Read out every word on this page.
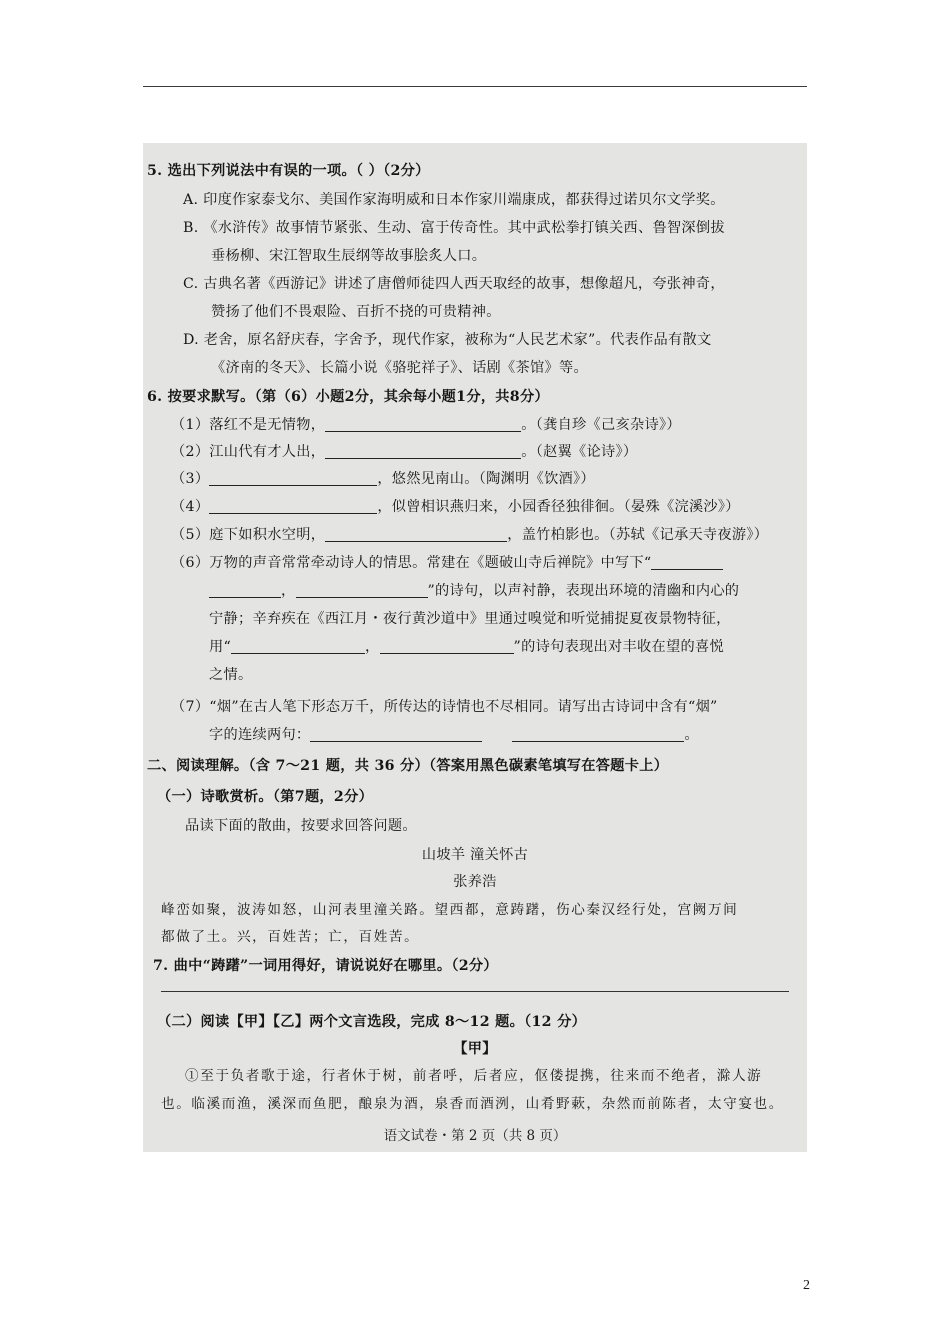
5. 选出下列说法中有误的一项。（ ）（2分）
A. 印度作家泰戈尔、美国作家海明威和日本作家川端康成，都获得过诺贝尔文学奖。
B. 《水浒传》故事情节紧张、生动、富于传奇性。其中武松拳打镇关西、鲁智深倒拔
垂杨柳、宋江智取生辰纲等故事脍炙人口。
C. 古典名著《西游记》讲述了唐僧师徒四人西天取经的故事，想像超凡，夸张神奇，
赞扬了他们不畏艰险、百折不挠的可贵精神。
D. 老舍，原名舒庆春，字舍予，现代作家，被称为“人民艺术家”。代表作品有散文
《济南的冬天》、长篇小说《骆驼祥子》、话剧《茶馆》等。
6. 按要求默写。（第（6）小题2分，其余每小题1分，共8分）
（1）落红不是无情物，	。（龚自珍《己亥杂诗》）
（2）江山代有才人出，	。（赵翼《论诗》）
（3）	，悠然见南山。（陶渊明《饮酒》）
（4）	，似曾相识燕归来，小园香径独徘徊。（晏殊《浣溪沙》）
（5）庭下如积水空明，	，盖竹柏影也。（苏轼《记承天寺夜游》）
（6）万物的声音常常牵动诗人的情思。常建在《题破山寺后禅院》中写下“
，	”的诗句，以声衬静，表现出环境的清幽和内心的
宁静；辛弃疾在《西江月・夜行黄沙道中》里通过嗅觉和听觉捕捉夏夜景物特征，
用“	，	”的诗句表现出对丰收在望的喜悦
之情。
（7）“烟”在古人笔下形态万千，所传达的诗情也不尽相同。请写出古诗词中含有“烟”
字的连续两句：	。
二、阅读理解。（含 7～21 题，共 36 分）（答案用黑色碳素笔填写在答题卡上）
（一）诗歌赏析。（第7题，2分）
品读下面的散曲，按要求回答问题。
山坡羊 潼关怀古
张养浩
峰峦如聚，波涛如怒，山河表里潼关路。望西都，意踌躇，伤心秦汉经行处，宫阙万间
都做了土。兴，百姓苦；亡，百姓苦。
7. 曲中“踌躇”一词用得好，请说说好在哪里。（2分）
（二）阅读【甲】【乙】两个文言选段，完成 8～12 题。（12 分）
【甲】
①至于负者歌于途，行者休于树，前者呼，后者应，伛偻提携，往来而不绝者，滁人游
也。临溪而渔，溪深而鱼肥，酿泉为酒，泉香而酒洌，山肴野蔌，杂然而前陈者，太守宴也。
语文试卷・第 2 页（共 8 页）
2
